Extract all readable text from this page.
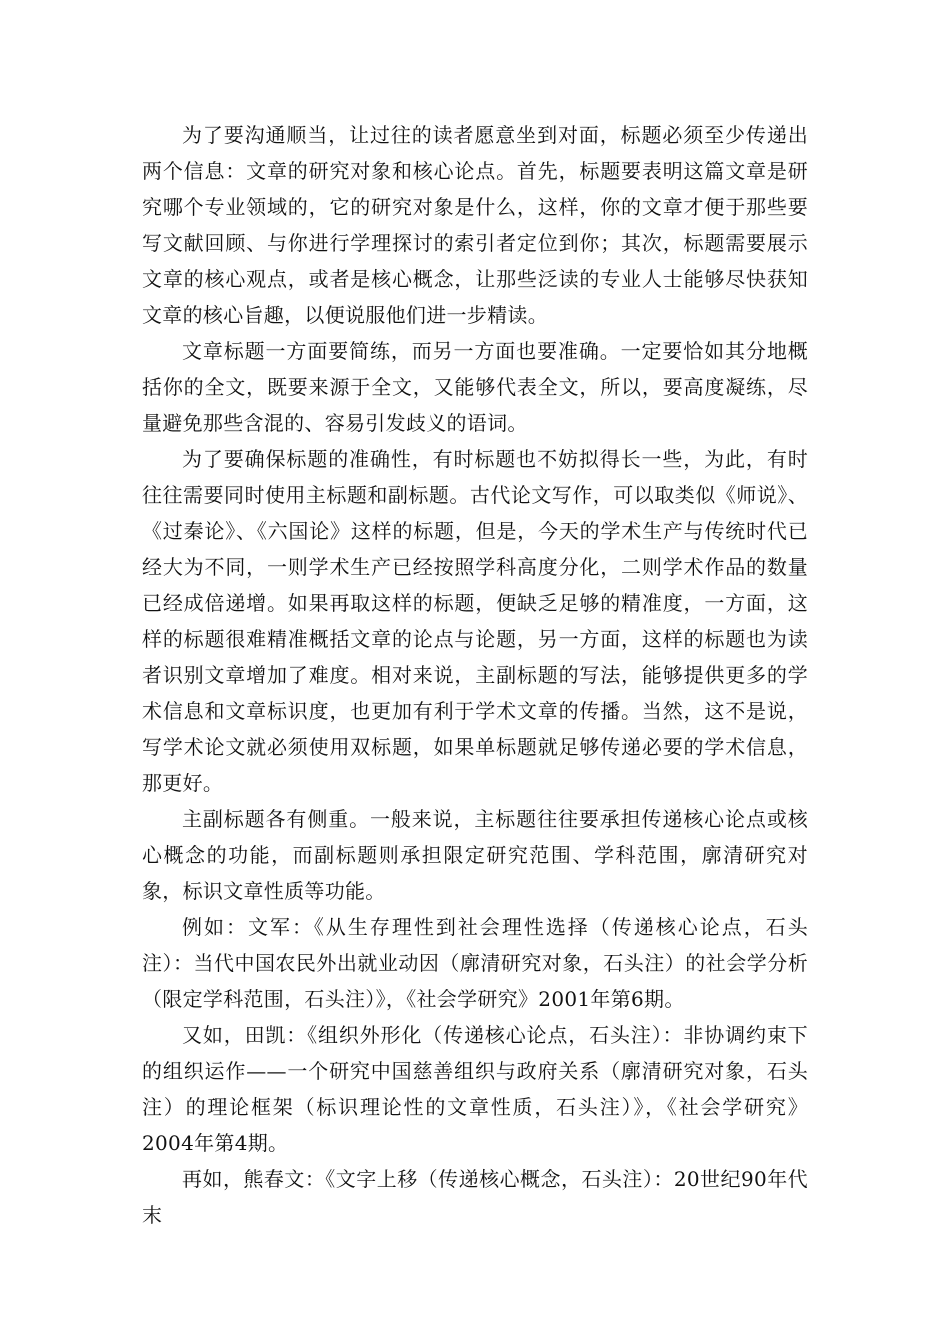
为了要沟通顺当，让过往的读者愿意坐到对面，标题必须至少传递出两个信息：文章的研究对象和核心论点。首先，标题要表明这篇文章是研究哪个专业领域的，它的研究对象是什么，这样，你的文章才便于那些要写文献回顾、与你进行学理探讨的索引者定位到你；其次，标题需要展示文章的核心观点，或者是核心概念，让那些泛读的专业人士能够尽快获知文章的核心旨趣，以便说服他们进一步精读。

文章标题一方面要简练，而另一方面也要准确。一定要恰如其分地概括你的全文，既要来源于全文，又能够代表全文，所以，要高度凝练，尽量避免那些含混的、容易引发歧义的语词。

为了要确保标题的准确性，有时标题也不妨拟得长一些，为此，有时往往需要同时使用主标题和副标题。古代论文写作，可以取类似《师说》、《过秦论》、《六国论》这样的标题，但是，今天的学术生产与传统时代已经大为不同，一则学术生产已经按照学科高度分化，二则学术作品的数量已经成倍递增。如果再取这样的标题，便缺乏足够的精准度，一方面，这样的标题很难精准概括文章的论点与论题，另一方面，这样的标题也为读者识别文章增加了难度。相对来说，主副标题的写法，能够提供更多的学术信息和文章标识度，也更加有利于学术文章的传播。当然，这不是说，写学术论文就必须使用双标题，如果单标题就足够传递必要的学术信息，那更好。

主副标题各有侧重。一般来说，主标题往往要承担传递核心论点或核心概念的功能，而副标题则承担限定研究范围、学科范围，廓清研究对象，标识文章性质等功能。

例如：文军：《从生存理性到社会理性选择（传递核心论点，石头注）：当代中国农民外出就业动因（廓清研究对象，石头注）的社会学分析（限定学科范围，石头注）》，《社会学研究》2001年第6期。

又如，田凯：《组织外形化（传递核心论点，石头注）：非协调约束下的组织运作——一个研究中国慈善组织与政府关系（廓清研究对象，石头注）的理论框架（标识理论性的文章性质，石头注）》，《社会学研究》2004年第4期。

再如，熊春文：《文字上移（传递核心概念，石头注）：20世纪90年代末
